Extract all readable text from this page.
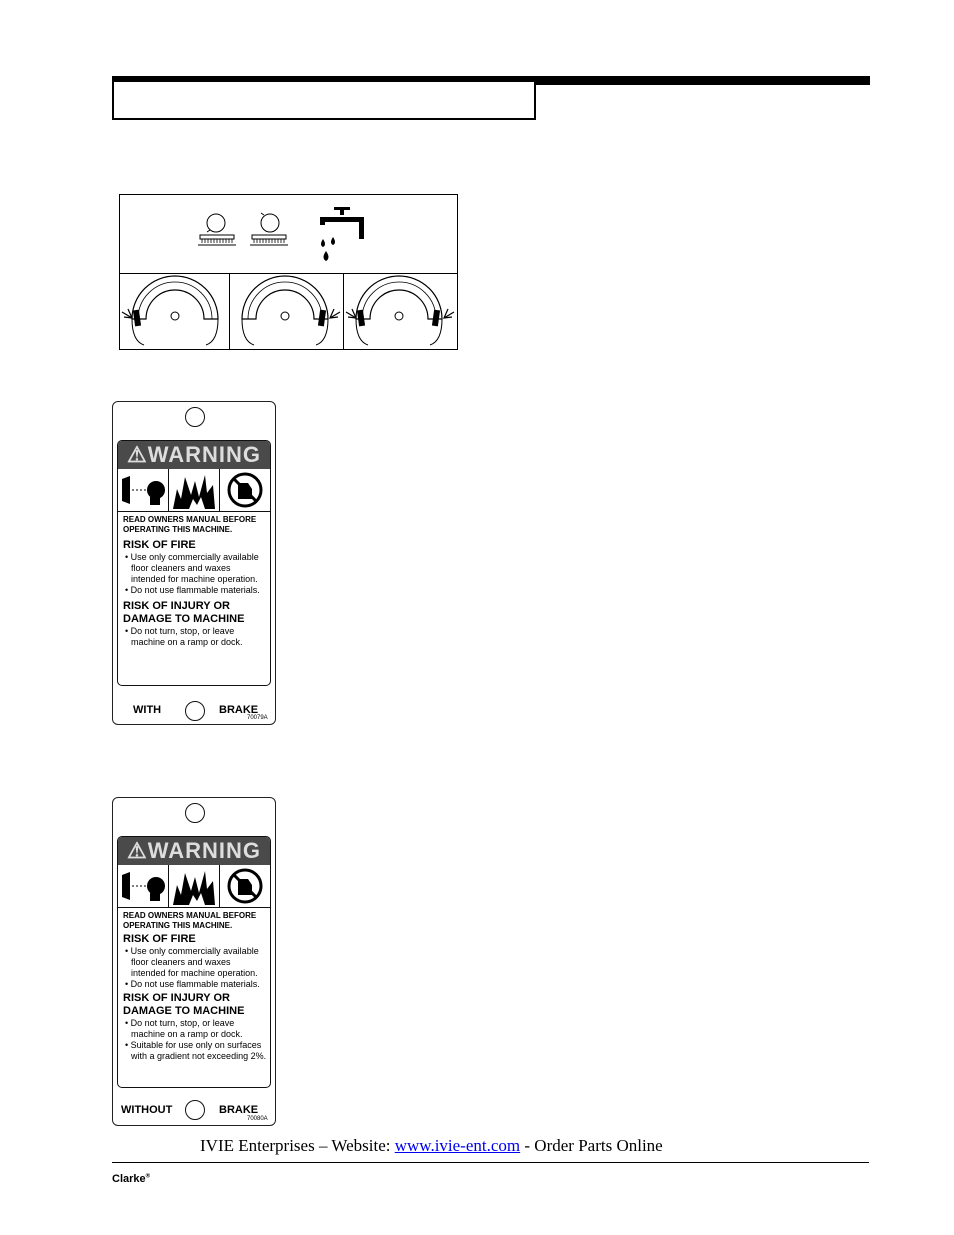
⚠WARNING
READ OWNERS MANUAL BEFORE OPERATING THIS MACHINE.
RISK OF FIRE
• Use only commercially available floor cleaners and waxes intended for machine operation.
• Do not use flammable materials.
RISK OF INJURY OR DAMAGE TO MACHINE
• Do not turn, stop, or leave machine on a ramp or dock.
WITH	BRAKE
70079A
⚠WARNING
READ OWNERS MANUAL BEFORE OPERATING THIS MACHINE.
RISK OF FIRE
• Use only commercially available floor cleaners and waxes intended for machine operation.
• Do not use flammable materials.
RISK OF INJURY OR DAMAGE TO MACHINE
• Do not turn, stop, or leave machine on a ramp or dock.
• Suitable for use only on surfaces with a gradient not exceeding 2%.
WITHOUT	BRAKE
70080A
IVIE Enterprises – Website: www.ivie-ent.com - Order Parts Online
Clarke®
